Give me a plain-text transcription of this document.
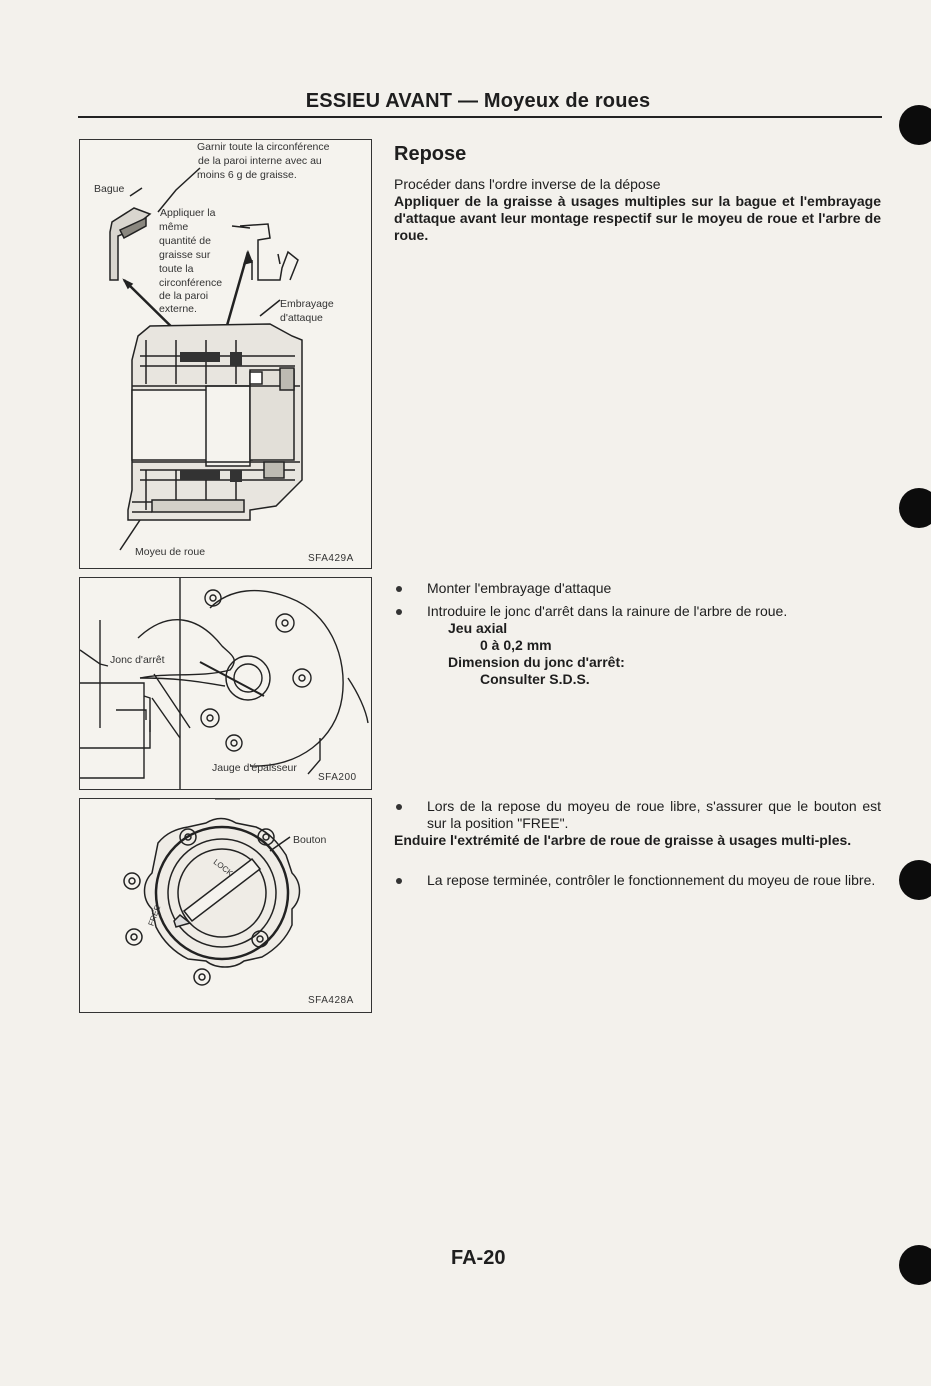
ESSIEU AVANT — Moyeux de roues
Bague
Garnir toute la circonférence
de la paroi interne avec au
moins 6 g de graisse.
Appliquer la
même
quantité de
graisse sur
toute la
circonférence
de la paroi
externe.	Embrayage
d'attaque
Moyeu de roue
SFA429A
Jonc d'arrêt
Jauge d'épaisseur
SFA200
Bouton
LOCK
FREE
SFA428A
Repose
Procéder dans l'ordre inverse de la dépose
Appliquer de la graisse à usages multiples sur la bague et l'embrayage d'attaque avant leur montage respectif sur le moyeu de roue et l'arbre de roue.
Monter l'embrayage d'attaque
Introduire le jonc d'arrêt dans la rainure de l'arbre de roue.
Jeu axial
0 à 0,2 mm
Dimension du jonc d'arrêt:
Consulter S.D.S.
Lors de la repose du moyeu de roue libre, s'assurer que le bouton est sur la position "FREE".
Enduire l'extrémité de l'arbre de roue de graisse à usages multi-ples.
La repose terminée, contrôler le fonctionnement du moyeu de roue libre.
FA-20
